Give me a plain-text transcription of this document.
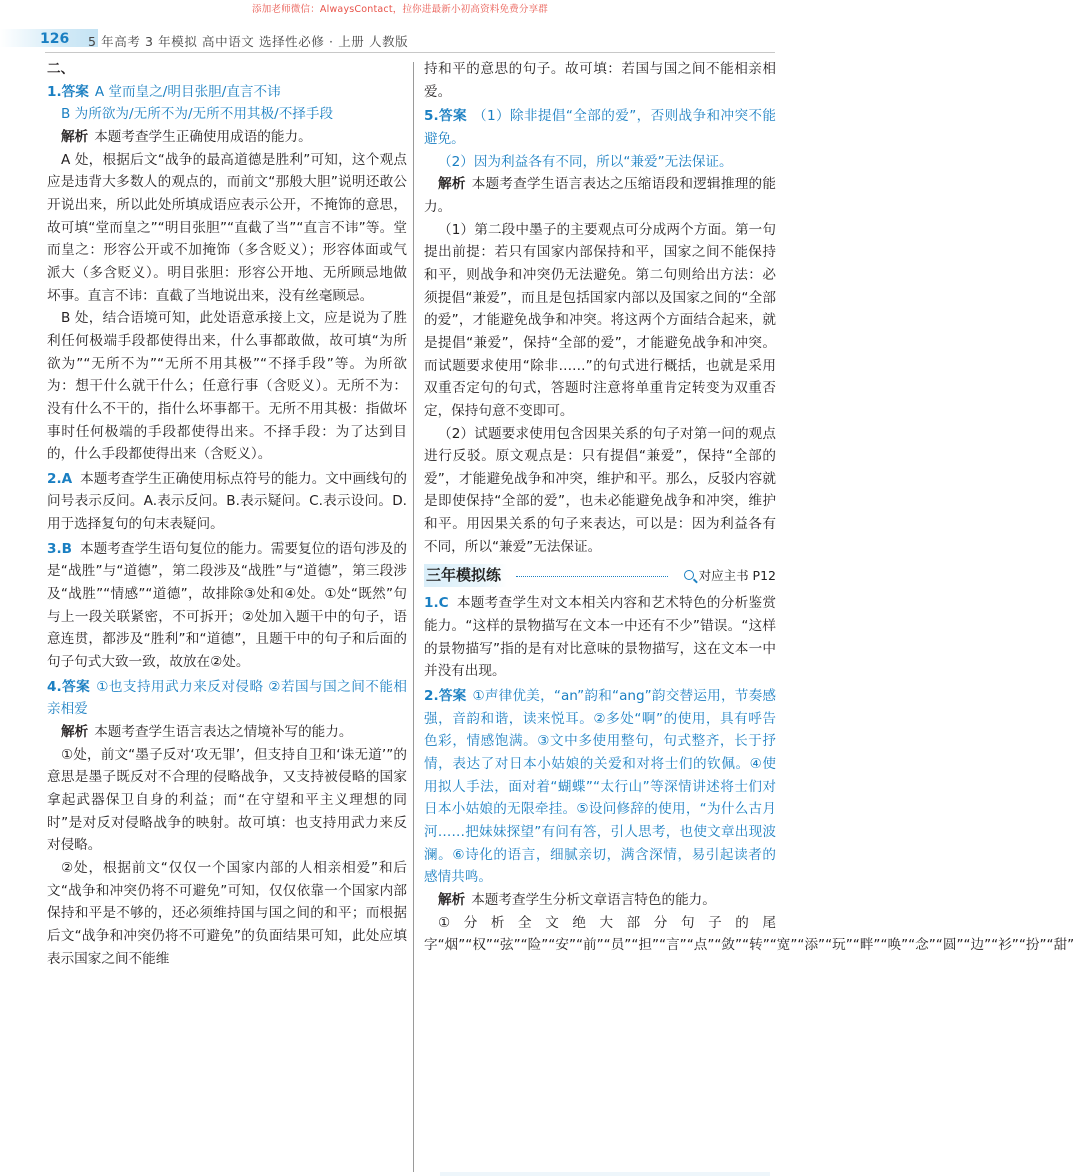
添加老师微信：AlwaysContact，拉你进最新小初高资料免费分享群
126 5 年高考 3 年模拟 高中语文 选择性必修 · 上册 人教版

二、

1.答案 A 堂而皇之/明目张胆/直言不讳

B 为所欲为/无所不为/无所不用其极/不择手段

解析 本题考查学生正确使用成语的能力。

A 处，根据后文“战争的最高道德是胜利”可知，这个观点应是违背大多数人的观点的，而前文“那般大胆”说明还敢公开说出来，所以此处所填成语应表示公开，不掩饰的意思，故可填“堂而皇之”“明目张胆”“直截了当”“直言不讳”等。堂而皇之：形容公开或不加掩饰（多含贬义）；形容体面或气派大（多含贬义）。明目张胆：形容公开地、无所顾忌地做坏事。直言不讳：直截了当地说出来，没有丝毫顾忌。

B 处，结合语境可知，此处语意承接上文，应是说为了胜利任何极端手段都使得出来，什么事都敢做，故可填“为所欲为”“无所不为”“无所不用其极”“不择手段”等。为所欲为：想干什么就干什么；任意行事（含贬义）。无所不为：没有什么不干的，指什么坏事都干。无所不用其极：指做坏事时任何极端的手段都使得出来。不择手段：为了达到目的，什么手段都使得出来（含贬义）。

2.A 本题考查学生正确使用标点符号的能力。文中画线句的问号表示反问。A.表示反问。B.表示疑问。C.表示设问。D.用于选择复句的句末表疑问。

3.B 本题考查学生语句复位的能力。需要复位的语句涉及的是“战胜”与“道德”，第二段涉及“战胜”与“道德”，第三段涉及“战胜”“情感”“道德”，故排除③处和④处。①处“既然”句与上一段关联紧密，不可拆开；②处加入题干中的句子，语意连贯，都涉及“胜利”和“道德”，且题干中的句子和后面的句子句式大致一致，故放在②处。

4.答案 ①也支持用武力来反对侵略 ②若国与国之间不能相亲相爱

解析 本题考查学生语言表达之情境补写的能力。

①处，前文“墨子反对‘攻无罪’，但支持自卫和‘诛无道’”的意思是墨子既反对不合理的侵略战争，又支持被侵略的国家拿起武器保卫自身的利益；而“在守望和平主义理想的同时”是对反对侵略战争的映射。故可填：也支持用武力来反对侵略。

②处，根据前文“仅仅一个国家内部的人相亲相爱”和后文“战争和冲突仍将不可避免”可知，仅仅依靠一个国家内部保持和平是不够的，还必须维持国与国之间的和平；而根据后文“战争和冲突仍将不可避免”的负面结果可知，此处应填表示国家之间不能维

持和平的意思的句子。故可填：若国与国之间不能相亲相爱。

5.答案 （1）除非提倡“全部的爱”，否则战争和冲突不能避免。

（2）因为利益各有不同，所以“兼爱”无法保证。

解析 本题考查学生语言表达之压缩语段和逻辑推理的能力。

（1）第二段中墨子的主要观点可分成两个方面。第一句提出前提：若只有国家内部保持和平，国家之间不能保持和平，则战争和冲突仍无法避免。第二句则给出方法：必须提倡“兼爱”，而且是包括国家内部以及国家之间的“全部的爱”，才能避免战争和冲突。将这两个方面结合起来，就是提倡“兼爱”，保持“全部的爱”，才能避免战争和冲突。而试题要求使用“除非……”的句式进行概括，也就是采用双重否定句的句式，答题时注意将单重肯定转变为双重否定，保持句意不变即可。

（2）试题要求使用包含因果关系的句子对第一问的观点进行反驳。原文观点是：只有提倡“兼爱”，保持“全部的爱”，才能避免战争和冲突，维护和平。那么，反驳内容就是即使保持“全部的爱”，也未必能避免战争和冲突，维护和平。用因果关系的句子来表达，可以是：因为利益各有不同，所以“兼爱”无法保证。

三年模拟练	对应主书 P12

1.C 本题考查学生对文本相关内容和艺术特色的分析鉴赏能力。“这样的景物描写在文本一中还有不少”错误。“这样的景物描写”指的是有对比意味的景物描写，这在文本一中并没有出现。

2.答案 ①声律优美，“an”韵和“ang”韵交替运用，节奏感强，音韵和谐，读来悦耳。②多处“啊”的使用，具有呼告色彩，情感饱满。③文中多使用整句，句式整齐，长于抒情，表达了对日本小姑娘的关爱和对将士们的钦佩。④使用拟人手法，面对着“蝴蝶”“太行山”等深情讲述将士们对日本小姑娘的无限牵挂。⑤设问修辞的使用，“为什么古月河……把妹妹探望”有问有答，引人思考，也使文章出现波澜。⑥诗化的语言，细腻亲切，满含深情，易引起读者的感情共鸣。

解析 本题考查学生分析文章语言特色的能力。

①分析全文绝大部分句子的尾字“烟”“权”“弦”“险”“安”“前”“员”“担”“言”“点”“敛”“转”“宽”“添”“玩”“畔”“唤”“念”“圆”“边”“衫”“扮”“甜”
